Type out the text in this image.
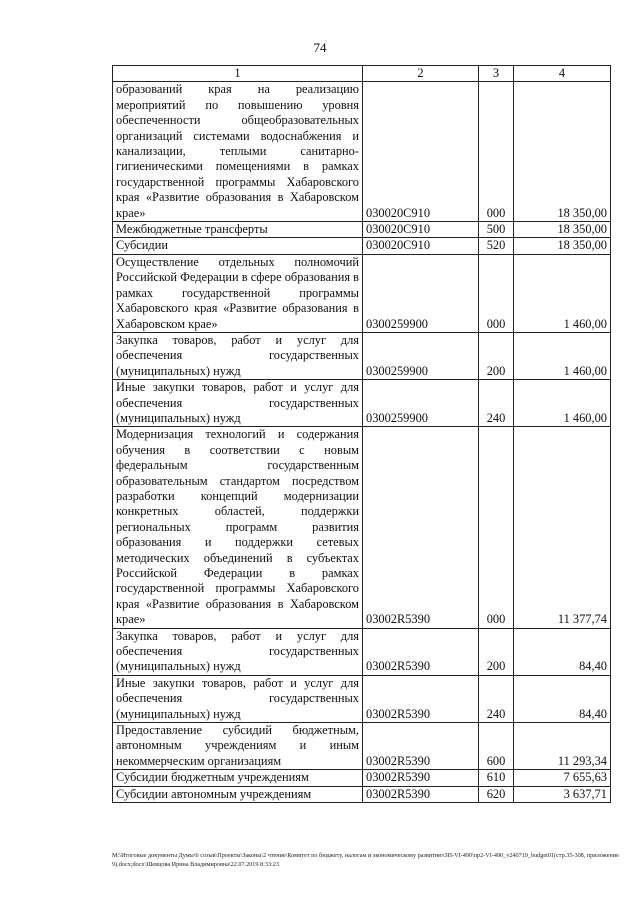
74
1	2	3	4
образований края на реализацию мероприятий по повышению уровня обеспеченности общеобразовательных организаций системами водоснабжения и канализации, теплыми санитарно-гигиеническими помещениями в рамках государственной программы Хабаровского края «Развитие образования в Хабаровском крае»	030020С910	000	18 350,00
Межбюджетные трансферты	030020С910	500	18 350,00
Субсидии	030020С910	520	18 350,00
Осуществление отдельных полномочий Российской Федерации в сфере образования в рамках государственной программы Хабаровского края «Развитие образования в Хабаровском крае»	0300259900	000	1 460,00
Закупка товаров, работ и услуг для обеспечения государственных (муниципальных) нужд	0300259900	200	1 460,00
Иные закупки товаров, работ и услуг для обеспечения государственных (муниципальных) нужд	0300259900	240	1 460,00
Модернизация технологий и содержания обучения в соответствии с новым федеральным государственным образовательным стандартом посредством разработки концепций модернизации конкретных областей, поддержки региональных программ развития образования и поддержки сетевых методических объединений в субъектах Российской Федерации в рамках государственной программы Хабаровского края «Развитие образования в Хабаровском крае»	03002R5390	000	11 377,74
Закупка товаров, работ и услуг для обеспечения государственных (муниципальных) нужд	03002R5390	200	84,40
Иные закупки товаров, работ и услуг для обеспечения государственных (муниципальных) нужд	03002R5390	240	84,40
Предоставление субсидий бюджетным, автономным учреждениям и иным некоммерческим организациям	03002R5390	600	11 293,34
Субсидии бюджетным учреждениям	03002R5390	610	7 655,63
Субсидии автономным учреждениям	03002R5390	620	3 637,71
М:\Итоговые документы Думы\6 созыв\Проекты\Законы\2 чтение\Комитет по бюджету, налогам и экономическому развитию\ЗП-VI-490\пр2-VI-490_v240719_budget01(стр.35-308, приложение 9).docx;docx\Шевцова Ирина Владимировна\22.07.2019 8:33:23
